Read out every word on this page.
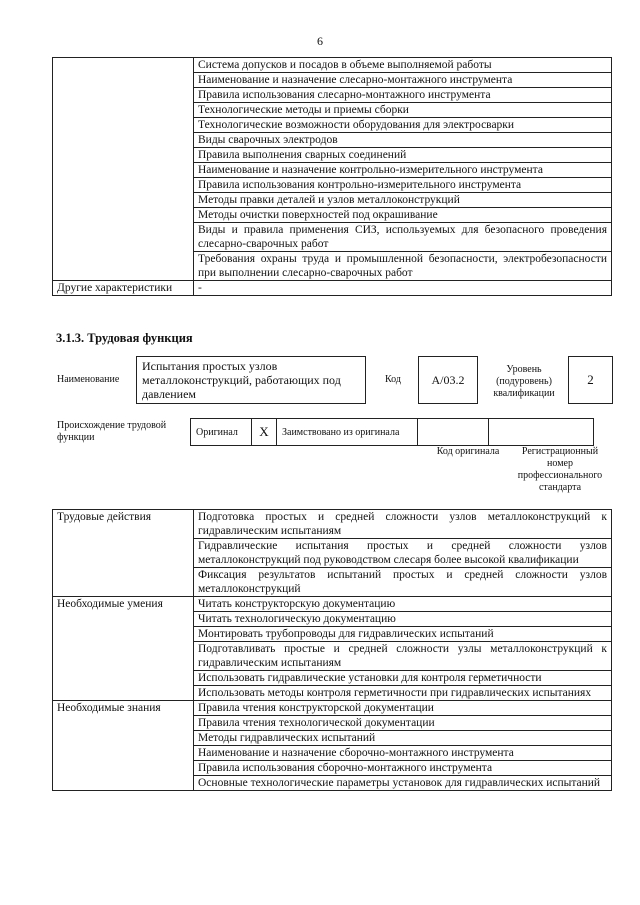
6
	Система допусков и посадов в объеме выполняемой работы
	Наименование и назначение слесарно-монтажного инструмента
	Правила использования слесарно-монтажного инструмента
	Технологические методы и приемы сборки
	Технологические возможности оборудования для электросварки
	Виды сварочных электродов
	Правила выполнения сварных соединений
	Наименование и назначение контрольно-измерительного инструмента
	Правила использования контрольно-измерительного инструмента
	Методы правки деталей и узлов металлоконструкций
	Методы очистки поверхностей под окрашивание
	Виды и правила применения СИЗ, используемых для безопасного проведения слесарно-сварочных работ
	Требования охраны труда и промышленной безопасности, электробезопасности при выполнении слесарно-сварочных работ
Другие характеристики	-
3.1.3. Трудовая функция
Наименование
Испытания простых узлов металлоконструкций, работающих под давлением
Код	А/03.2
Уровень (подуровень) квалификации
2
Происхождение трудовой функции	Оригинал	X	Заимствовано из оригинала		
Код оригинала	Регистрационный номер профессионального стандарта
Трудовые действия	Подготовка простых и средней сложности узлов металлоконструкций к гидравлическим испытаниям
	Гидравлические испытания простых и средней сложности узлов металлоконструкций под руководством слесаря более высокой квалификации
	Фиксация результатов испытаний простых и средней сложности узлов металлоконструкций
Необходимые умения	Читать конструкторскую документацию
	Читать технологическую документацию
	Монтировать трубопроводы для гидравлических испытаний
	Подготавливать простые и средней сложности узлы металлоконструкций к гидравлическим испытаниям
	Использовать гидравлические установки для контроля герметичности
	Использовать методы контроля герметичности при гидравлических испытаниях
Необходимые знания	Правила чтения конструкторской документации
	Правила чтения технологической документации
	Методы гидравлических испытаний
	Наименование и назначение сборочно-монтажного инструмента
	Правила использования сборочно-монтажного инструмента
	Основные технологические параметры установок для гидравлических испытаний
